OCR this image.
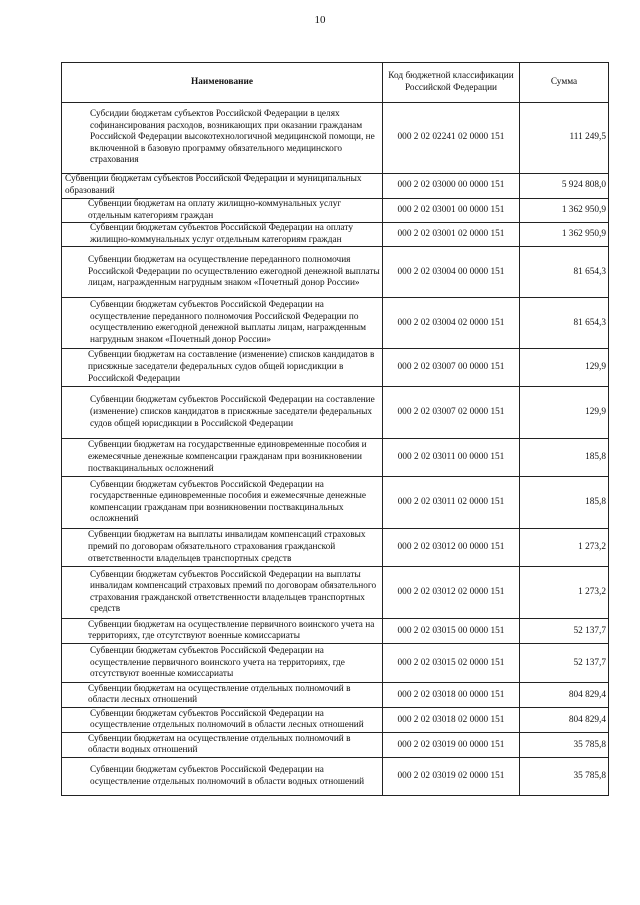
10
Наименование	Код бюджетной классификации Российской Федерации	Сумма
Субсидии бюджетам субъектов Российской Федерации в целях софинансирования расходов, возникающих при оказании гражданам Российской Федерации высокотехнологичной медицинской помощи, не включенной в базовую программу обязательного медицинского страхования	000 2 02 02241 02 0000 151	111 249,5
Субвенции бюджетам субъектов Российской Федерации и муниципальных образований	000 2 02 03000 00 0000 151	5 924 808,0
Субвенции бюджетам на оплату жилищно-коммунальных услуг отдельным категориям граждан	000 2 02 03001 00 0000 151	1 362 950,9
Субвенции бюджетам субъектов Российской Федерации на оплату жилищно-коммунальных услуг отдельным категориям граждан	000 2 02 03001 02 0000 151	1 362 950,9
Субвенции бюджетам на осуществление переданного полномочия Российской Федерации по осуществлению ежегодной денежной выплаты лицам, награжденным нагрудным знаком «Почетный донор России»	000 2 02 03004 00 0000 151	81 654,3
Субвенции бюджетам субъектов Российской Федерации на осуществление переданного полномочия Российской Федерации по осуществлению ежегодной денежной выплаты лицам, награжденным нагрудным знаком «Почетный донор России»	000 2 02 03004 02 0000 151	81 654,3
Субвенции бюджетам на составление (изменение) списков кандидатов в присяжные заседатели федеральных судов общей юрисдикции в Российской Федерации	000 2 02 03007 00 0000 151	129,9
Субвенции бюджетам субъектов Российской Федерации на составление (изменение) списков кандидатов в присяжные заседатели федеральных судов общей юрисдикции в Российской Федерации	000 2 02 03007 02 0000 151	129,9
Субвенции бюджетам на государственные единовременные пособия и ежемесячные денежные компенсации гражданам при возникновении поствакцинальных осложнений	000 2 02 03011 00 0000 151	185,8
Субвенции бюджетам субъектов Российской Федерации на государственные единовременные пособия и ежемесячные денежные компенсации гражданам при возникновении поствакцинальных осложнений	000 2 02 03011 02 0000 151	185,8
Субвенции бюджетам на выплаты инвалидам компенсаций страховых премий по договорам обязательного страхования гражданской ответственности владельцев транспортных средств	000 2 02 03012 00 0000 151	1 273,2
Субвенции бюджетам субъектов Российской Федерации на выплаты инвалидам компенсаций страховых премий по договорам обязательного страхования гражданской ответственности владельцев транспортных средств	000 2 02 03012 02 0000 151	1 273,2
Субвенции бюджетам на осуществление первичного воинского учета на территориях, где отсутствуют военные комиссариаты	000 2 02 03015 00 0000 151	52 137,7
Субвенции бюджетам субъектов Российской Федерации на осуществление первичного воинского учета на территориях, где отсутствуют военные комиссариаты	000 2 02 03015 02 0000 151	52 137,7
Субвенции бюджетам на осуществление отдельных полномочий в области лесных отношений	000 2 02 03018 00 0000 151	804 829,4
Субвенции бюджетам субъектов Российской Федерации на осуществление отдельных полномочий в области лесных отношений	000 2 02 03018 02 0000 151	804 829,4
Субвенции бюджетам на осуществление отдельных полномочий в области водных отношений	000 2 02 03019 00 0000 151	35 785,8
Субвенции бюджетам субъектов Российской Федерации на осуществление отдельных полномочий в области водных отношений	000 2 02 03019 02 0000 151	35 785,8
